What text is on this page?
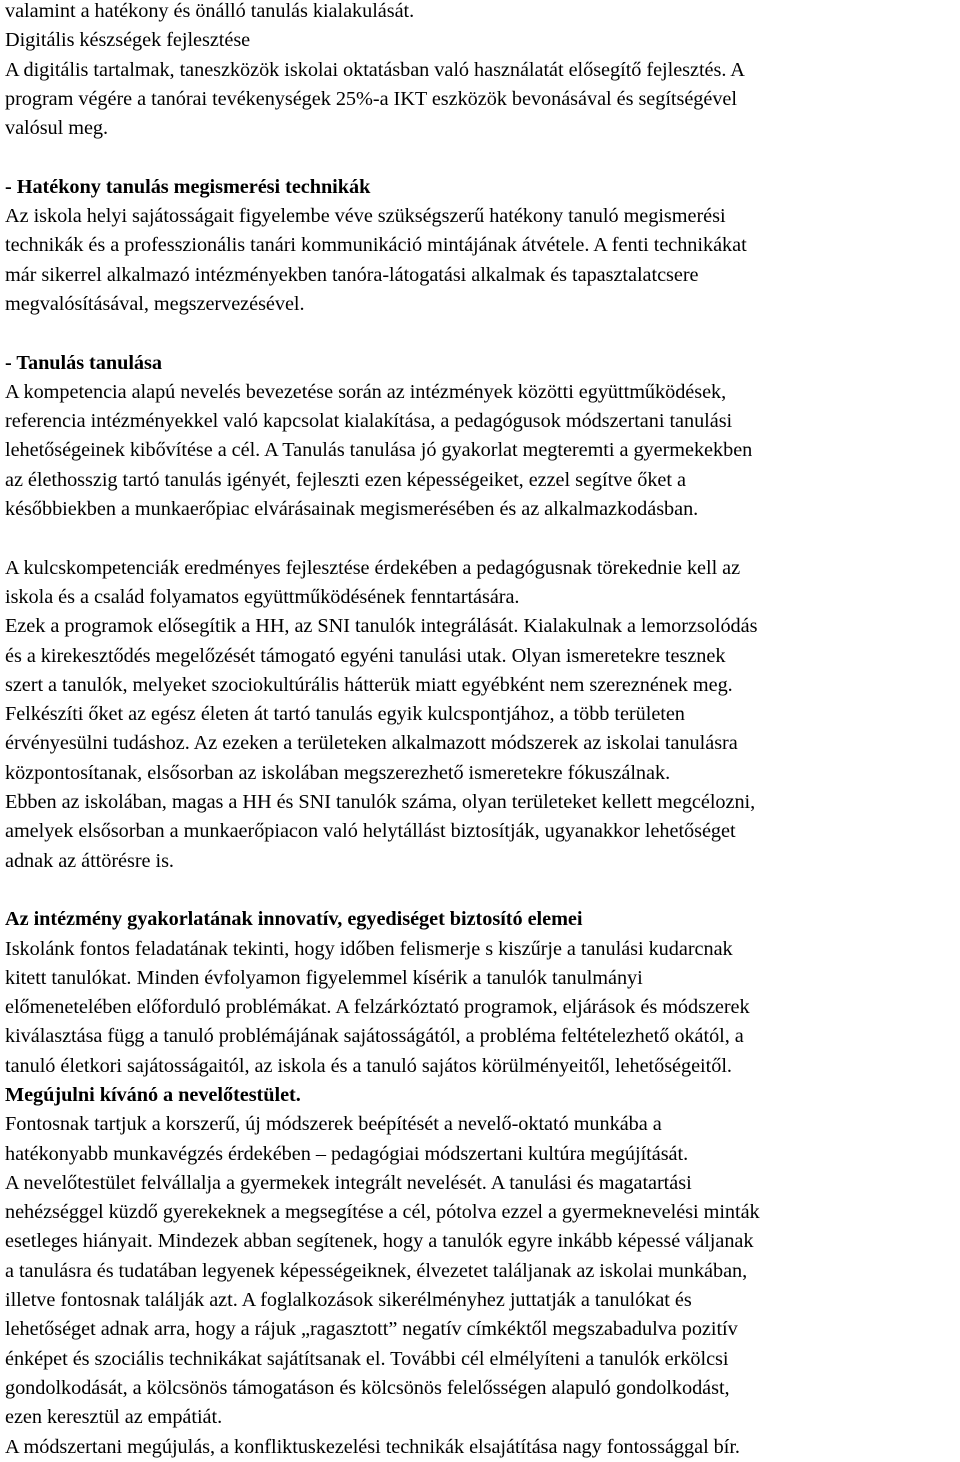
valamint a hatékony és önálló tanulás kialakulását.
Digitális készségek fejlesztése
A digitális tartalmak, taneszközök iskolai oktatásban való használatát elősegítő fejlesztés. A
program végére a tanórai tevékenységek 25%-a IKT eszközök bevonásával és segítségével
valósul meg.
- Hatékony tanulás megismerési technikák
Az iskola helyi sajátosságait figyelembe véve szükségszerű hatékony tanuló megismerési
technikák és a professzionális tanári kommunikáció mintájának átvétele. A fenti technikákat
már sikerrel alkalmazó intézményekben tanóra-látogatási alkalmak és tapasztalatcsere
megvalósításával, megszervezésével.
- Tanulás tanulása
A kompetencia alapú nevelés bevezetése során az intézmények közötti együttműködések,
referencia intézményekkel való kapcsolat kialakítása, a pedagógusok módszertani tanulási
lehetőségeinek kibővítése a cél. A Tanulás tanulása jó gyakorlat megteremti a gyermekekben
az élethosszig tartó tanulás igényét, fejleszti ezen képességeiket, ezzel segítve őket a
későbbiekben a munkaerőpiac elvárásainak megismerésében és az alkalmazkodásban.
A kulcskompetenciák eredményes fejlesztése érdekében a pedagógusnak törekednie kell az
iskola és a család folyamatos együttműködésének fenntartására.
Ezek a programok elősegítik a HH, az SNI tanulók integrálását. Kialakulnak a lemorzsolódás
és a kirekesztődés megelőzését támogató egyéni tanulási utak. Olyan ismeretekre tesznek
szert a tanulók, melyeket szociokultúrális hátterük miatt egyébként nem szereznének meg.
Felkészíti őket az egész életen át tartó tanulás egyik kulcspontjához, a több területen
érvényesülni tudáshoz. Az ezeken a területeken alkalmazott módszerek az iskolai tanulásra
központosítanak, elsősorban az iskolában megszerezhető ismeretekre fókuszálnak.
Ebben az iskolában, magas a HH és SNI tanulók száma, olyan területeket kellett megcélozni,
amelyek elsősorban a munkaerőpiacon való helytállást biztosítják, ugyanakkor lehetőséget
adnak az áttörésre is.
Az intézmény gyakorlatának innovatív, egyediséget biztosító elemei
Iskolánk fontos feladatának tekinti, hogy időben felismerje s kiszűrje a tanulási kudarcnak
kitett tanulókat. Minden évfolyamon figyelemmel kísérik a tanulók tanulmányi
előmenetelében előforduló problémákat. A felzárkóztató programok, eljárások és módszerek
kiválasztása függ a tanuló problémájának sajátosságától, a probléma feltételezhető okától, a
tanuló életkori sajátosságaitól, az iskola és a tanuló sajátos körülményeitől, lehetőségeitől.
Megújulni kívánó a nevelőtestület.
Fontosnak tartjuk a korszerű, új módszerek beépítését a nevelő-oktató munkába a
hatékonyabb munkavégzés érdekében – pedagógiai módszertani kultúra megújítását.
A nevelőtestület felvállalja a gyermekek integrált nevelését. A tanulási és magatartási
nehézséggel küzdő gyerekeknek a megsegítése a cél, pótolva ezzel a gyermeknevelési minták
esetleges hiányait. Mindezek abban segítenek, hogy a tanulók egyre inkább képessé váljanak
a tanulásra és tudatában legyenek képességeiknek, élvezetet találjanak az iskolai munkában,
illetve fontosnak találják azt. A foglalkozások sikerélményhez juttatják a tanulókat és
lehetőséget adnak arra, hogy a rájuk „ragasztott” negatív címkéktől megszabadulva pozitív
énképet és szociális technikákat sajátítsanak el. További cél elmélyíteni a tanulók erkölcsi
gondolkodását, a kölcsönös támogatáson és kölcsönös felelősségen alapuló gondolkodást,
ezen keresztül az empátiát.
A módszertani megújulás, a konfliktuskezelési technikák elsajátítása nagy fontossággal bír.
